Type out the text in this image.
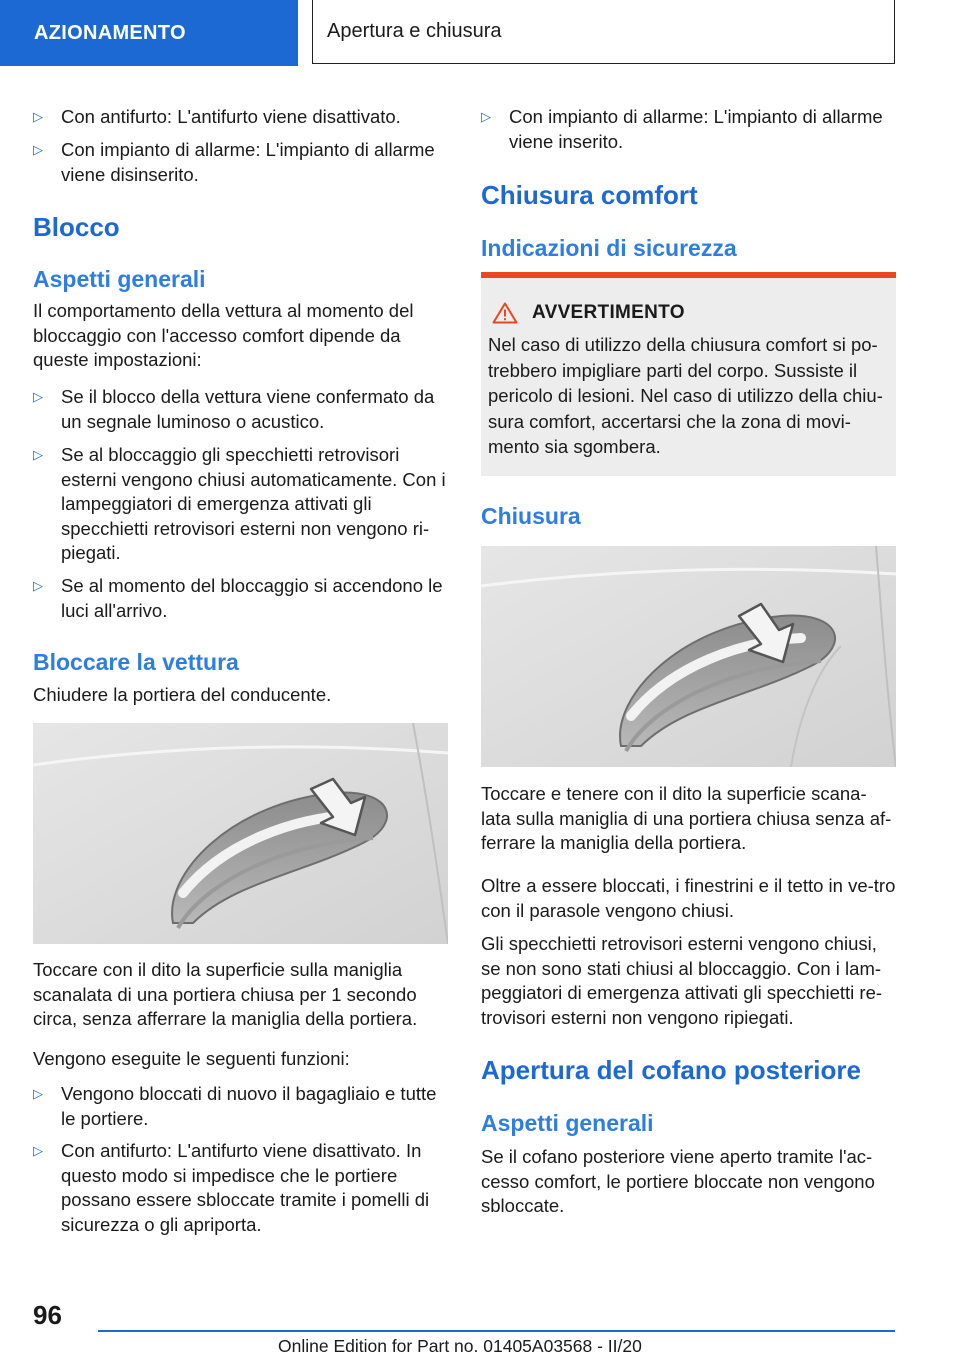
AZIONAMENTO	Apertura e chiusura
▷ Con antifurto: L'antifurto viene disattivato.
▷ Con impianto di allarme: L'impianto di allarme viene disinserito.
Blocco
Aspetti generali
Il comportamento della vettura al momento del bloccaggio con l'accesso comfort dipende da queste impostazioni:
▷ Se il blocco della vettura viene confermato da un segnale luminoso o acustico.
▷ Se al bloccaggio gli specchietti retrovisori esterni vengono chiusi automaticamente. Con i lampeggiatori di emergenza attivati gli specchietti retrovisori esterni non vengono ri-piegati.
▷ Se al momento del bloccaggio si accendono le luci all'arrivo.
Bloccare la vettura
Chiudere la portiera del conducente.
Toccare con il dito la superficie sulla maniglia scanalata di una portiera chiusa per 1 secondo circa, senza afferrare la maniglia della portiera.
Vengono eseguite le seguenti funzioni:
▷ Vengono bloccati di nuovo il bagagliaio e tutte le portiere.
▷ Con antifurto: L'antifurto viene disattivato. In questo modo si impedisce che le portiere possano essere sbloccate tramite i pomelli di sicurezza o gli apriporta.
▷ Con impianto di allarme: L'impianto di allarme viene inserito.
Chiusura comfort
Indicazioni di sicurezza
AVVERTIMENTO
Nel caso di utilizzo della chiusura comfort si po-trebbero impigliare parti del corpo. Sussiste il pericolo di lesioni. Nel caso di utilizzo della chiu-sura comfort, accertarsi che la zona di movi-mento sia sgombera.
Chiusura
Toccare e tenere con il dito la superficie scana-lata sulla maniglia di una portiera chiusa senza af-ferrare la maniglia della portiera.
Oltre a essere bloccati, i finestrini e il tetto in ve-tro con il parasole vengono chiusi.
Gli specchietti retrovisori esterni vengono chiusi, se non sono stati chiusi al bloccaggio. Con i lam-peggiatori di emergenza attivati gli specchietti re-trovisori esterni non vengono ripiegati.
Apertura del cofano posteriore
Aspetti generali
Se il cofano posteriore viene aperto tramite l'ac-cesso comfort, le portiere bloccate non vengono sbloccate.
96
Online Edition for Part no. 01405A03568 - II/20
